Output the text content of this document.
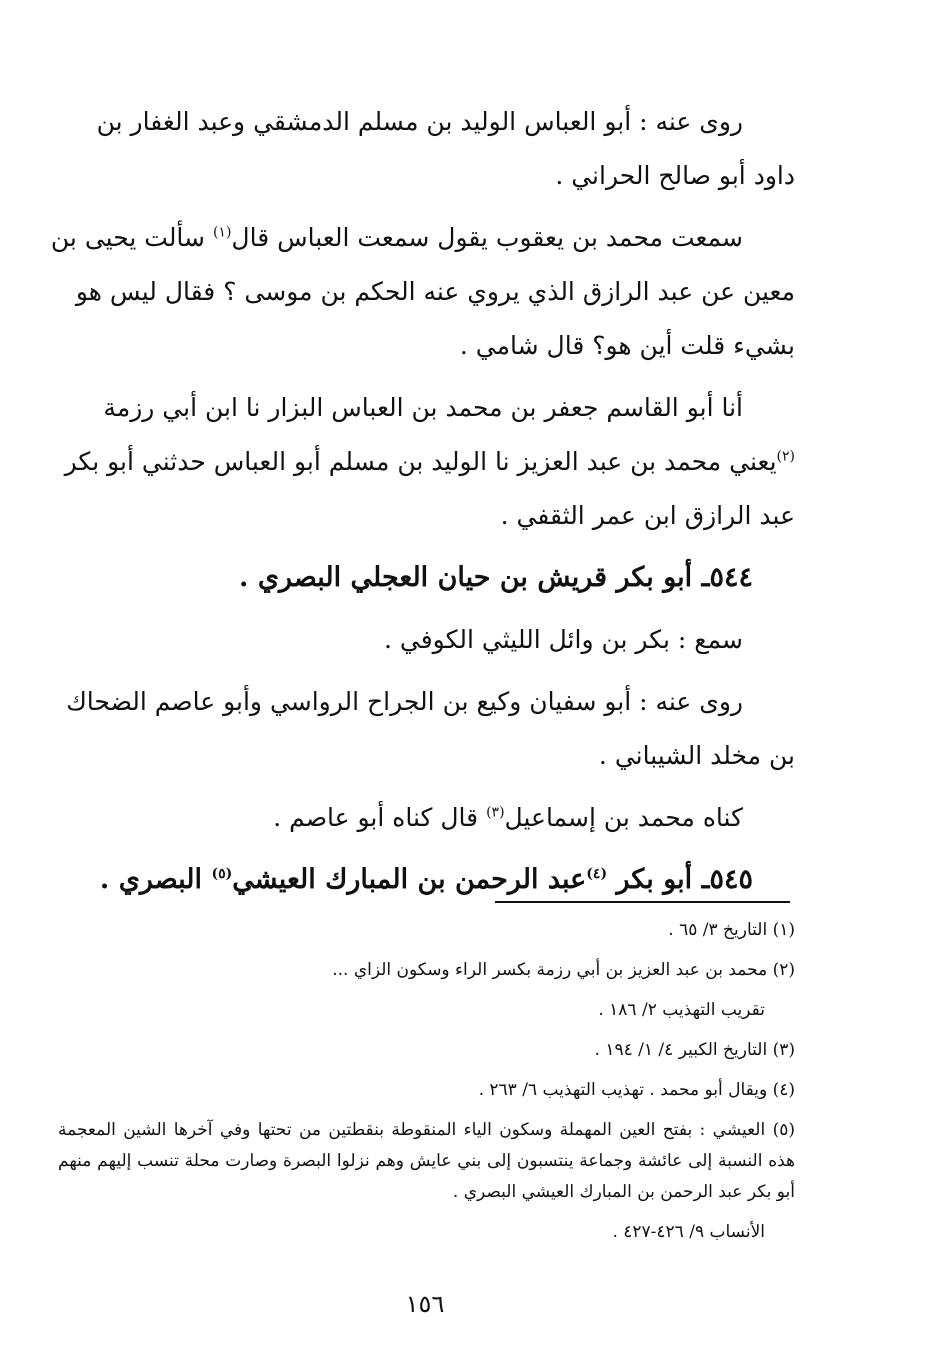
روى عنه : أبو العباس الوليد بن مسلم الدمشقي وعبد الغفار بن داود أبو صالح الحراني .

سمعت محمد بن يعقوب يقول سمعت العباس قال$^{(١)}$ سألت يحيى بن معين عن عبد الرازق الذي يروي عنه الحكم بن موسى ؟ فقال ليس هو بشيء قلت أين هو؟ قال شامي .

أنا أبو القاسم جعفر بن محمد بن العباس البزار نا ابن أبي رزمة $^{(٢)}$يعني محمد بن عبد العزيز نا الوليد بن مسلم أبو العباس حدثني أبو بكر عبد الرازق ابن عمر الثقفي .

٥٤٤ـ أبو بكر قريش بن حيان العجلي البصري .

سمع : بكر بن وائل الليثي الكوفي .

روى عنه : أبو سفيان وكيع بن الجراح الرواسي وأبو عاصم الضحاك بن مخلد الشيباني .

كناه محمد بن إسماعيل$^{(٣)}$ قال كناه أبو عاصم .

٥٤٥ـ أبو بكر $^{(٤)}$عبد الرحمن بن المبارك العيشي$^{(٥)}$ البصري .

(١) التاريخ ٣/ ٦٥ .

(٢) محمد بن عبد العزيز بن أبي رزمة بكسر الراء وسكون الزاي ...

تقريب التهذيب ٢/ ١٨٦ .

(٣) التاريخ الكبير ٤/ ١/ ١٩٤ .

(٤) ويقال أبو محمد . تهذيب التهذيب ٦/ ٢٦٣ .

(٥) العيشي : بفتح العين المهملة وسكون الياء المنقوطة بنقطتين من تحتها وفي آخرها الشين المعجمة هذه النسبة إلى عائشة وجماعة ينتسبون إلى بني عايش وهم نزلوا البصرة وصارت محلة تنسب إليهم منهم أبو بكر عبد الرحمن بن المبارك العيشي البصري .

الأنساب ٩/ ٤٢٦-٤٢٧ .

١٥٦
